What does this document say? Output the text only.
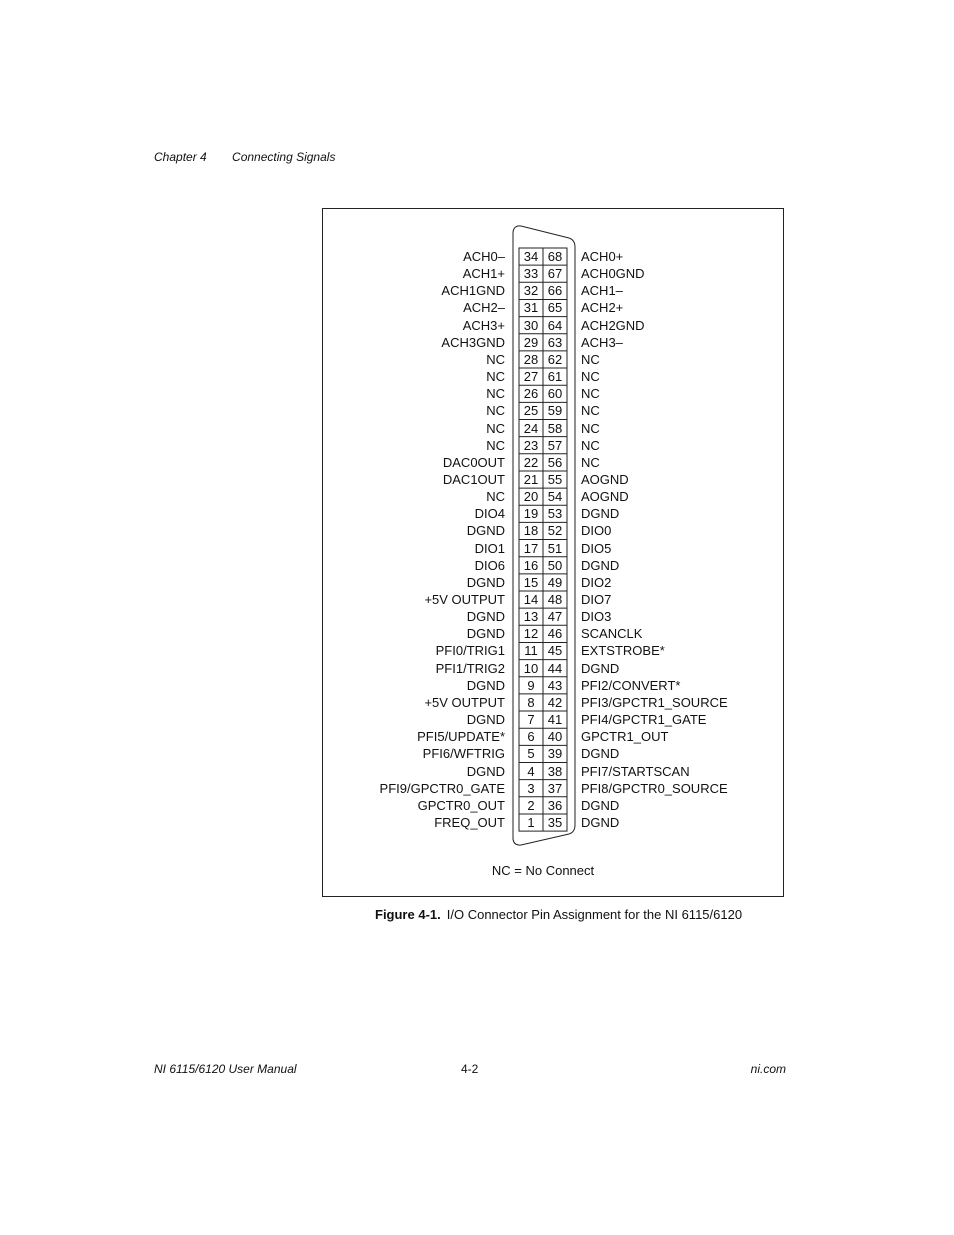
Chapter 4 Connecting Signals
ACH0–	34 68	ACH0+
ACH1+	33 67	ACH0GND
ACH1GND	32 66	ACH1–
ACH2–	31 65	ACH2+
ACH3+	30 64	ACH2GND
ACH3GND	29 63	ACH3–
NC	28 62	NC
NC	27 61	NC
NC	26 60	NC
NC	25 59	NC
NC	24 58	NC
NC	23 57	NC
DAC0OUT	22 56	NC
DAC1OUT	21 55	AOGND
NC	20 54	AOGND
DIO4	19 53	DGND
DGND	18 52	DIO0
DIO1	17 51	DIO5
DIO6	16 50	DGND
DGND	15 49	DIO2
+5V OUTPUT	14 48	DIO7
DGND	13 47	DIO3
DGND	12 46	SCANCLK
PFI0/TRIG1	11 45	EXTSTROBE*
PFI1/TRIG2	10 44	DGND
DGND	9	43	PFI2/CONVERT*
+5V OUTPUT	8	42	PFI3/GPCTR1_SOURCE
DGND	7	41	PFI4/GPCTR1_GATE
PFI5/UPDATE*	6	40	GPCTR1_OUT
PFI6/WFTRIG	5	39	DGND
DGND	4	38	PFI7/STARTSCAN
PFI9/GPCTR0_GATE	3	37	PFI8/GPCTR0_SOURCE
GPCTR0_OUT	2	36	DGND
FREQ_OUT	1	35	DGND
NC = No Connect
Figure 4-1. I/O Connector Pin Assignment for the NI 6115/6120
NI 6115/6120 User Manual	4-2	ni.com
